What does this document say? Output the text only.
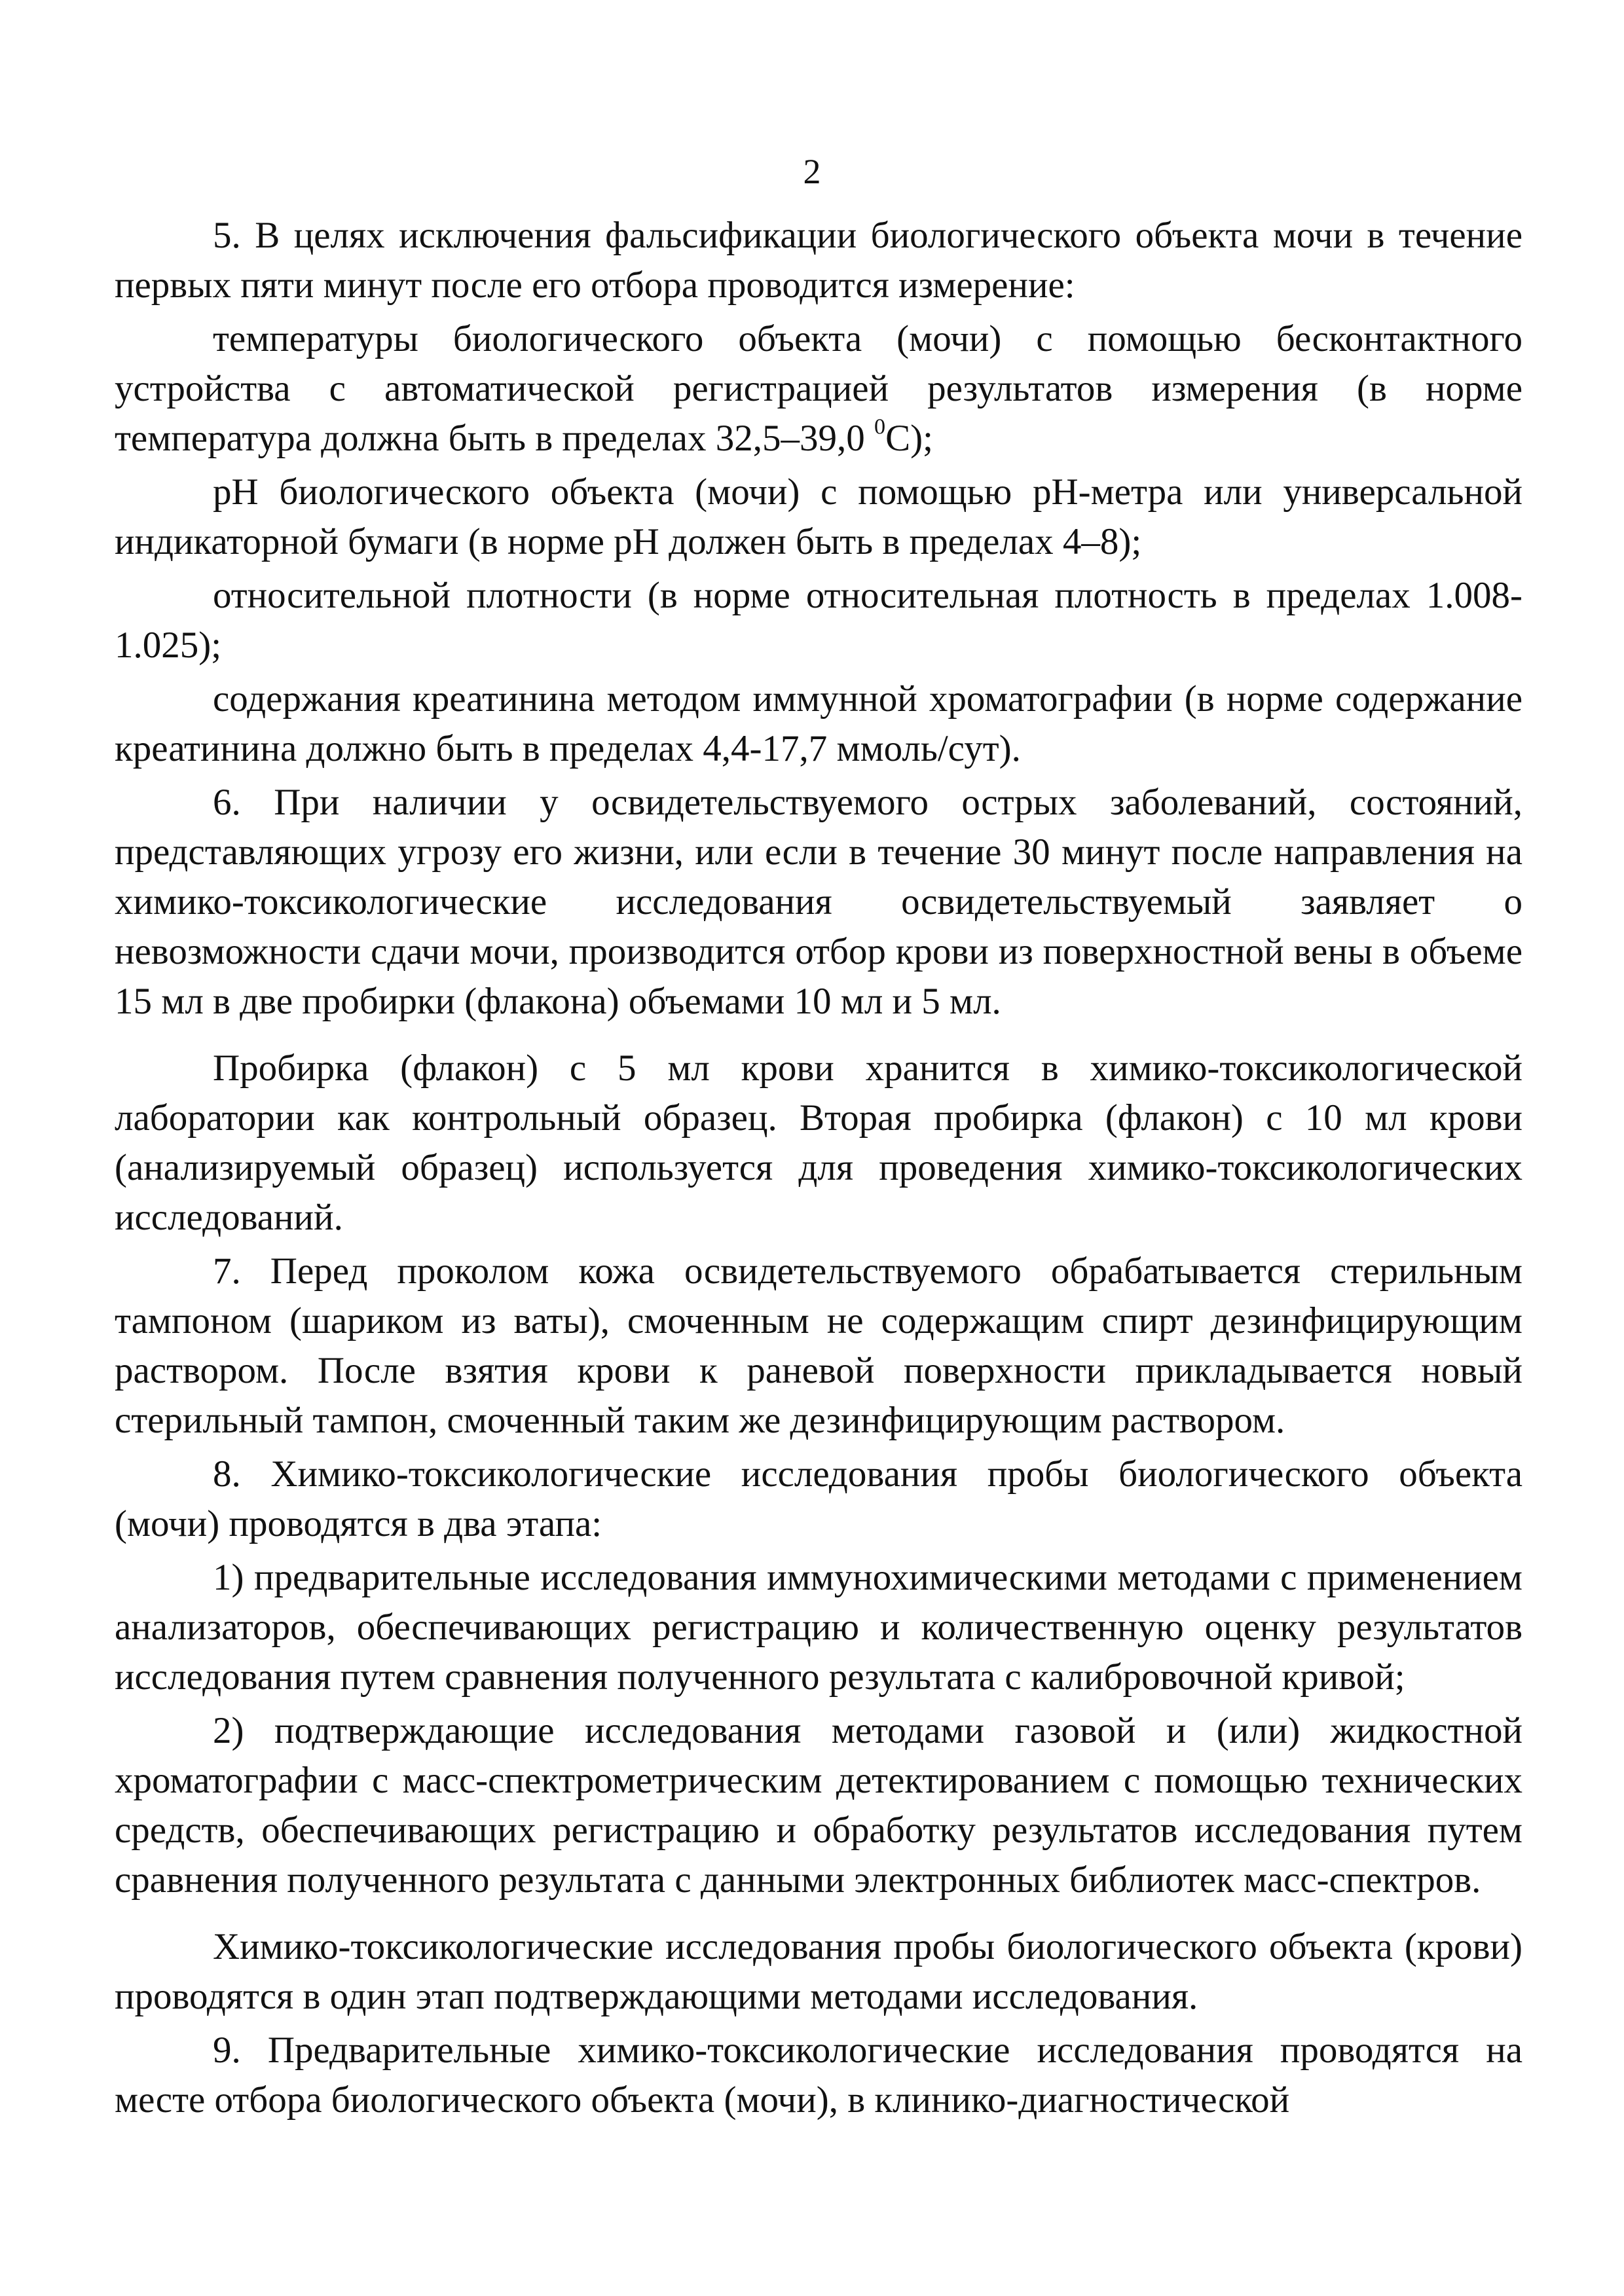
2

5. В целях исключения фальсификации биологического объекта мочи в течение первых пяти минут после его отбора проводится измерение:

температуры биологического объекта (мочи) с помощью бесконтактного устройства с автоматической регистрацией результатов измерения (в норме температура должна быть в пределах 32,5–39,0 $^0$C);

pH биологического объекта (мочи) с помощью pH-метра или универсальной индикаторной бумаги (в норме pH должен быть в пределах 4–8);

относительной плотности (в норме относительная плотность в пределах 1.008-1.025);

содержания креатинина методом иммунной хроматографии (в норме содержание креатинина должно быть в пределах 4,4-17,7 ммоль/сут).

6. При наличии у освидетельствуемого острых заболеваний, состояний, представляющих угрозу его жизни, или если в течение 30 минут после направления на химико-токсикологические исследования освидетельствуемый заявляет о невозможности сдачи мочи, производится отбор крови из поверхностной вены в объеме 15 мл в две пробирки (флакона) объемами 10 мл и 5 мл.

Пробирка (флакон) с 5 мл крови хранится в химико-токсикологической лаборатории как контрольный образец. Вторая пробирка (флакон) с 10 мл крови (анализируемый образец) используется для проведения химико-токсикологических исследований.

7. Перед проколом кожа освидетельствуемого обрабатывается стерильным тампоном (шариком из ваты), смоченным не содержащим спирт дезинфицирующим раствором. После взятия крови к раневой поверхности прикладывается новый стерильный тампон, смоченный таким же дезинфицирующим раствором.

8. Химико-токсикологические исследования пробы биологического объекта (мочи) проводятся в два этапа:

1) предварительные исследования иммунохимическими методами с применением анализаторов, обеспечивающих регистрацию и количественную оценку результатов исследования путем сравнения полученного результата с калибровочной кривой;

2) подтверждающие исследования методами газовой и (или) жидкостной хроматографии с масс-спектрометрическим детектированием с помощью технических средств, обеспечивающих регистрацию и обработку результатов исследования путем сравнения полученного результата с данными электронных библиотек масс-спектров.

Химико-токсикологические исследования пробы биологического объекта (крови) проводятся в один этап подтверждающими методами исследования.

9. Предварительные химико-токсикологические исследования проводятся на месте отбора биологического объекта (мочи), в клинико-диагностической
